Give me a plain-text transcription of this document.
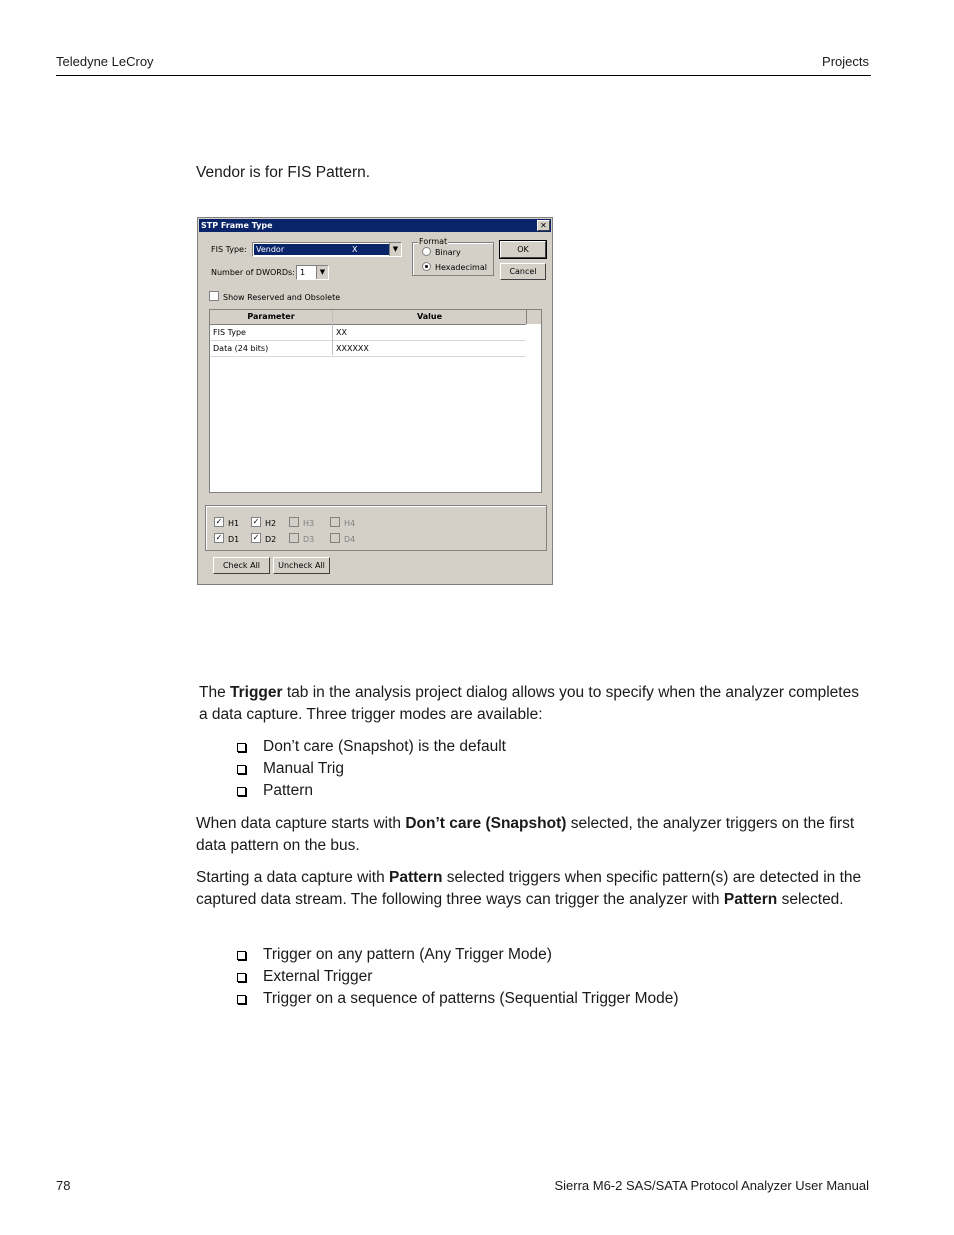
Teledyne LeCroy	Projects
Vendor is for FIS Pattern.
STP Frame Type	✕
FIS Type: Vendor	X	▼
Number of DWORDs: 1	▼
Format
Binary
Hexadecimal
OK
Cancel
Show Reserved and Obsolete
Parameter	Value
FIS Type	XX
Data (24 bits)	XXXXXX
✓H1 ✓	H2	H3	H4
✓D1 ✓	D2	D3	D4
Check All	Uncheck All
The Trigger tab in the analysis project dialog allows you to specify when the analyzer completes a data capture. Three trigger modes are available:
Don’t care (Snapshot) is the default
Manual Trig
Pattern
When data capture starts with Don’t care (Snapshot) selected, the analyzer triggers on the first data pattern on the bus.
Starting a data capture with Pattern selected triggers when specific pattern(s) are detected in the captured data stream. The following three ways can trigger the analyzer with Pattern selected.
Trigger on any pattern (Any Trigger Mode)
External Trigger
Trigger on a sequence of patterns (Sequential Trigger Mode)
78	Sierra M6-2 SAS/SATA Protocol Analyzer User Manual
